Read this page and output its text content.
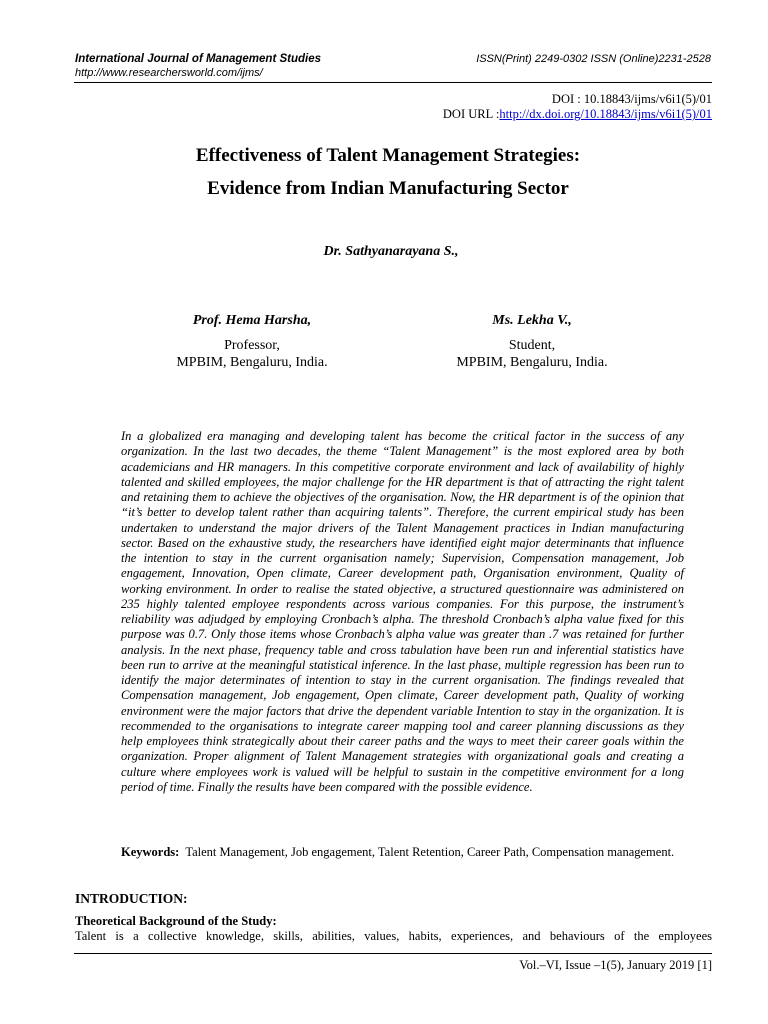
International Journal of Management Studies
http://www.researchersworld.com/ijms/
ISSN(Print) 2249-0302 ISSN (Online)2231-2528
DOI : 10.18843/ijms/v6i1(5)/01
DOI URL :http://dx.doi.org/10.18843/ijms/v6i1(5)/01
Effectiveness of Talent Management Strategies:
Evidence from Indian Manufacturing Sector
Dr. Sathyanarayana S.,
Prof. Hema Harsha,
Professor,
MPBIM, Bengaluru, India.
Ms. Lekha V.,
Student,
MPBIM, Bengaluru, India.

In a globalized era managing and developing talent has become the critical factor in the success of any organization. In the last two decades, the theme “Talent Management” is the most explored area by both academicians and HR managers. In this competitive corporate environment and lack of availability of highly talented and skilled employees, the major challenge for the HR department is that of attracting the right talent and retaining them to achieve the objectives of the organisation. Now, the HR department is of the opinion that “it’s better to develop talent rather than acquiring talents”. Therefore, the current empirical study has been undertaken to understand the major drivers of the Talent Management practices in Indian manufacturing sector. Based on the exhaustive study, the researchers have identified eight major determinants that influence the intention to stay in the current organisation namely; Supervision, Compensation management, Job engagement, Innovation, Open climate, Career development path, Organisation environment, Quality of working environment. In order to realise the stated objective, a structured questionnaire was administered on 235 highly talented employee respondents across various companies. For this purpose, the instrument’s reliability was adjudged by employing Cronbach’s alpha. The threshold Cronbach’s alpha value fixed for this purpose was 0.7. Only those items whose Cronbach’s alpha value was greater than .7 was retained for further analysis. In the next phase, frequency table and cross tabulation have been run and inferential statistics have been run to arrive at the meaningful statistical inference. In the last phase, multiple regression has been run to identify the major determinates of intention to stay in the current organisation. The findings revealed that Compensation management, Job engagement, Open climate, Career development path, Quality of working environment were the major factors that drive the dependent variable Intention to stay in the organization. It is recommended to the organisations to integrate career mapping tool and career planning discussions as they help employees think strategically about their career paths and the ways to meet their career goals within the organization. Proper alignment of Talent Management strategies with organizational goals and creating a culture where employees work is valued will be helpful to sustain in the competitive environment for a long period of time. Finally the results have been compared with the possible evidence.

Keywords: Talent Management, Job engagement, Talent Retention, Career Path, Compensation management.
INTRODUCTION:
Theoretical Background of the Study:
Talent is a collective knowledge, skills, abilities, values, habits, experiences, and behaviours of the employees
Vol.–VI, Issue –1(5), January 2019 [1]
